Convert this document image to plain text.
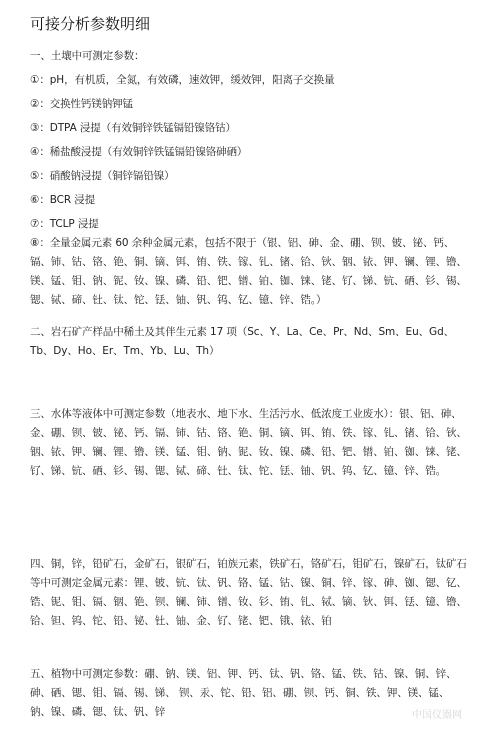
可接分析参数明细
一、土壤中可测定参数：
①：pH，有机质，全氮，有效磷，速效钾，缓效钾，阳离子交换量
②：交换性钙镁钠钾锰
③：DTPA 浸提（有效铜锌铁锰镉铅镍铬钴）
④：稀盐酸浸提（有效铜锌铁锰镉铅镍铬砷硒）
⑤：硝酸钠浸提（铜锌镉铅镍）
⑥：BCR 浸提
⑦：TCLP 浸提
⑧：全量金属元素 60 余种金属元素，包括不限于（银、铝、砷、金、硼、钡、铍、铋、钙、镉、铈、钴、铬、铯、铜、镝、铒、铕、铁、镓、钆、锗、铪、钬、铟、铱、钾、镧、锂、镥、镁、锰、钼、钠、铌、钕、镍、磷、铅、钯、镨、铂、铷、铼、铑、钌、锑、钪、硒、钐、锡、锶、铽、碲、钍、钛、铊、铥、铀、钒、钨、钇、镱、锌、锆。）
二、岩石矿产样品中稀土及其伴生元素 17 项（Sc、Y、La、Ce、Pr、Nd、Sm、Eu、Gd、Tb、Dy、Ho、Er、Tm、Yb、Lu、Th）
三、水体等液体中可测定参数（地表水、地下水、生活污水、低浓度工业废水）：银、铝、砷、金、硼、钡、铍、铋、钙、镉、铈、钴、铬、铯、铜、镝、铒、铕、铁、镓、钆、锗、铪、钬、铟、铱、钾、镧、锂、镥、镁、锰、钼、钠、铌、钕、镍、磷、铅、钯、镨、铂、铷、铼、铑、钌、锑、钪、硒、钐、锡、锶、铽、碲、钍、钛、铊、铥、铀、钒、钨、钇、镱、锌、锆。
四、铜，锌，铅矿石，金矿石，银矿石，铂族元素，铁矿石，铬矿石，钼矿石，镍矿石，钛矿石等中可测定金属元素：锂、铍、钪、钛、钒、铬、锰、钴、镍、铜、锌、镓、砷、铷、锶、钇、锆、铌、钼、镉、铟、铯、钡、镧、铈、镨、钕、钐、铕、钆、铽、镝、钬、铒、铥、镱、镥、铪、钽、钨、铊、铅、铋、钍、铀、金、钌、铑、钯、锇、铱、铂
五、植物中可测定参数：硼、钠、镁、铝、钾、钙、钛、钒、铬、锰、铁、钴、镍、铜、锌、砷、硒、锶、钼、镉、锡、锑、 钡、汞、铊、铅、铝、硼、钡、钙、铜、铁、钾、镁、锰、钠、镍、磷、锶、钛、钒、锌	中国仪器网
